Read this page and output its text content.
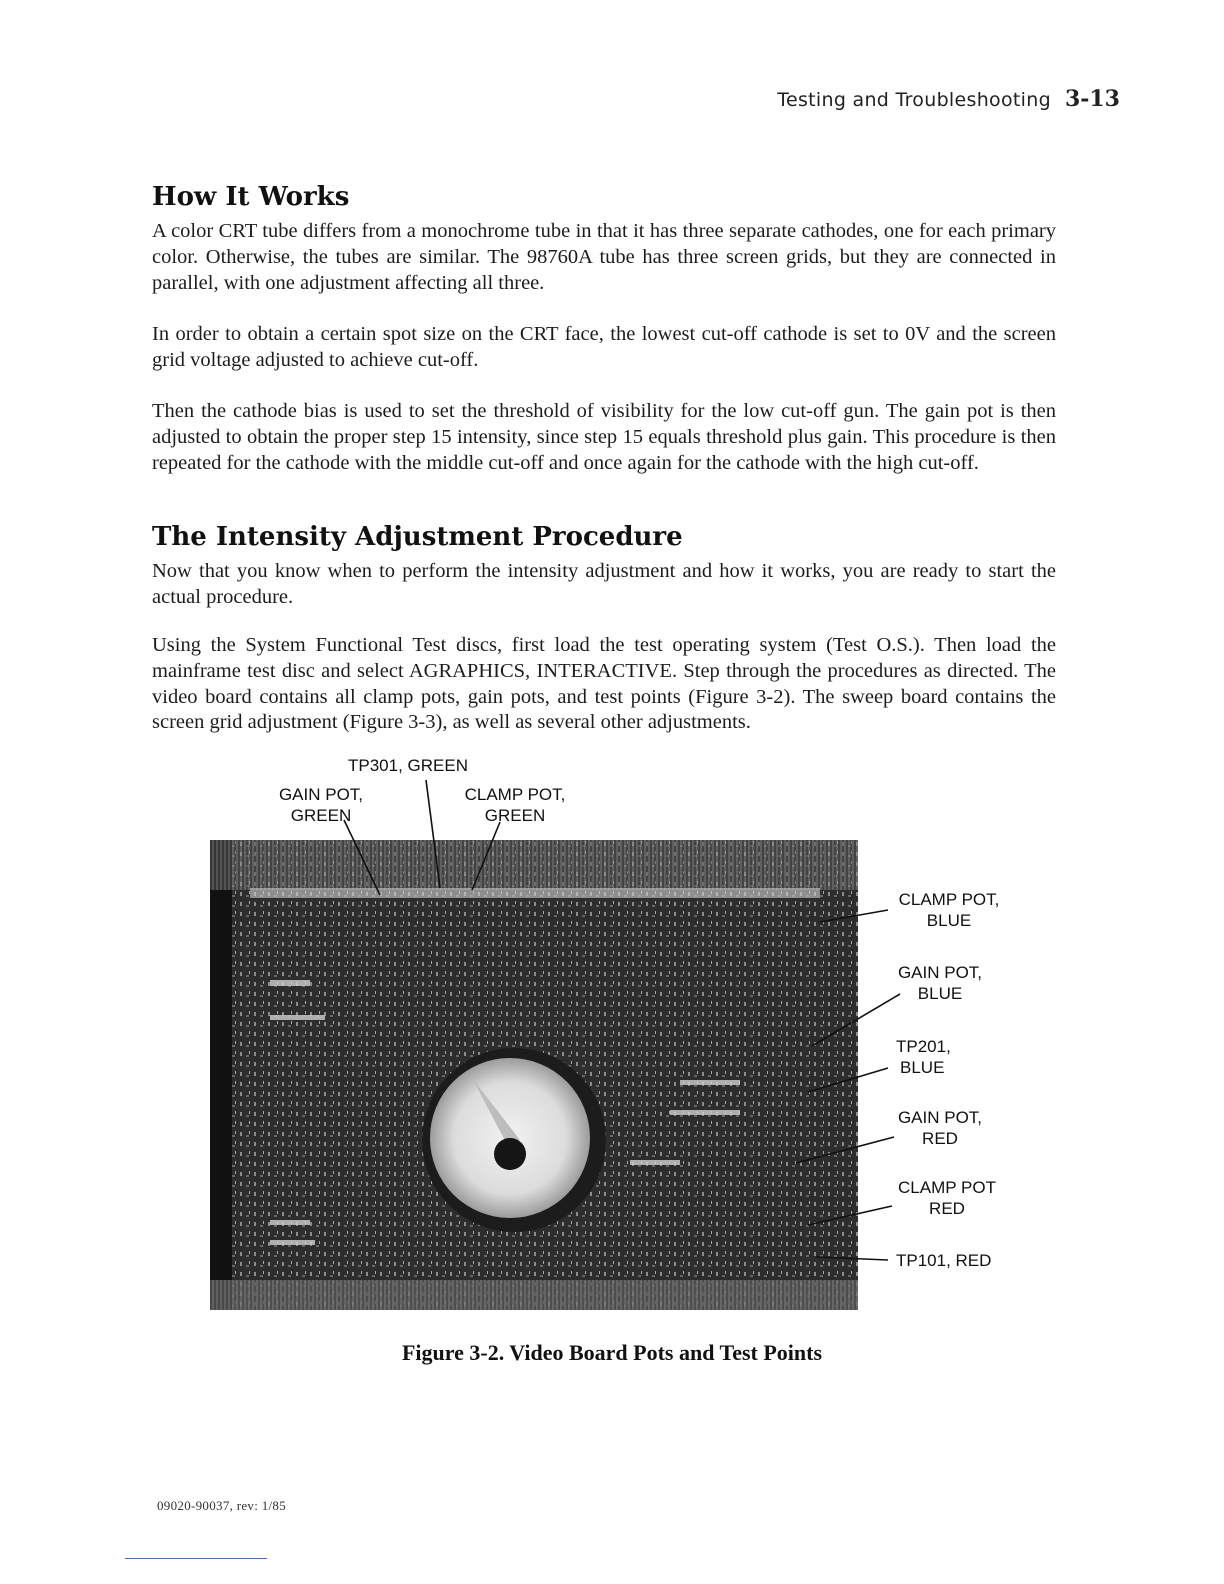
Testing and Troubleshooting 3-13
How It Works

A color CRT tube differs from a monochrome tube in that it has three separate cathodes, one for each primary color. Otherwise, the tubes are similar. The 98760A tube has three screen grids, but they are connected in parallel, with one adjustment affecting all three.

In order to obtain a certain spot size on the CRT face, the lowest cut-off cathode is set to 0V and the screen grid voltage adjusted to achieve cut-off.

Then the cathode bias is used to set the threshold of visibility for the low cut-off gun. The gain pot is then adjusted to obtain the proper step 15 intensity, since step 15 equals threshold plus gain. This procedure is then repeated for the cathode with the middle cut-off and once again for the cathode with the high cut-off.

The Intensity Adjustment Procedure

Now that you know when to perform the intensity adjustment and how it works, you are ready to start the actual procedure.

Using the System Functional Test discs, first load the test operating system (Test O.S.). Then load the mainframe test disc and select AGRAPHICS, INTERACTIVE. Step through the procedures as directed. The video board contains all clamp pots, gain pots, and test points (Figure 3-2). The sweep board contains the screen grid adjustment (Figure 3-3), as well as several other adjustments.

TP301, GREEN
GAIN POT,
GREEN
CLAMP POT,
GREEN
CLAMP POT,
BLUE
GAIN POT,
BLUE
TP201,
BLUE
GAIN POT,
RED
CLAMP POT
RED
TP101, RED
Figure 3-2. Video Board Pots and Test Points
09020-90037, rev: 1/85
